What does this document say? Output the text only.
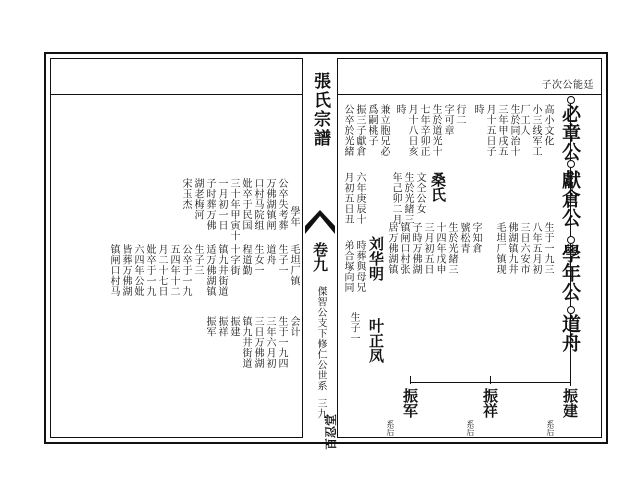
張氏宗譜
卷九
傑智公支下修仁公世系
三九
百忍堂
子次公能廷
必章公
獻倉公
學年公
道舟
振建
振祥
振军
系后
系后
系后
高小文化
小三线军工
厂工人
生于一九三
八年五月初
三日六安市
佛湖镇九井
毛坦厂镇现
生於同治十
三年甲戌五
月十五日子
時
字知倉
號松青
生於光緒三
十四年戊申
三月初五日
子時万佛湖
镇闸口村张
居万佛湖镇
桑氏
文仝公女
生於光緒三
年己卯二月
刘华明
叶正凤
行二
字可章
生於道光十
七年辛卯正
月十八日亥
時
兼立胞兄必
爲嗣桃子
振三子獻倉
公卒於光緒
六年庚辰十
月初五日丑
時葬與母兄
弟合塚向同
生子一
學年
公卒失考葬
万佛湖镇闸
口村马院组
妣卒于民国
三十年甲寅十
一月初一日
子时葬万佛
湖老梅河
毛坦厂镇
生子一
道舟
生女一
程道勤
十字街
镇九井街道
适万佛湖镇
生子三
会计
生于一九四
三年六月初
三日万佛湖
镇九井街道
振建
振祥
振军
宋玉杰
公卒于一九
五四年十二
月二十七日
妣卒于一九
六四年公妣
皆葬万佛湖
镇闸口村马
